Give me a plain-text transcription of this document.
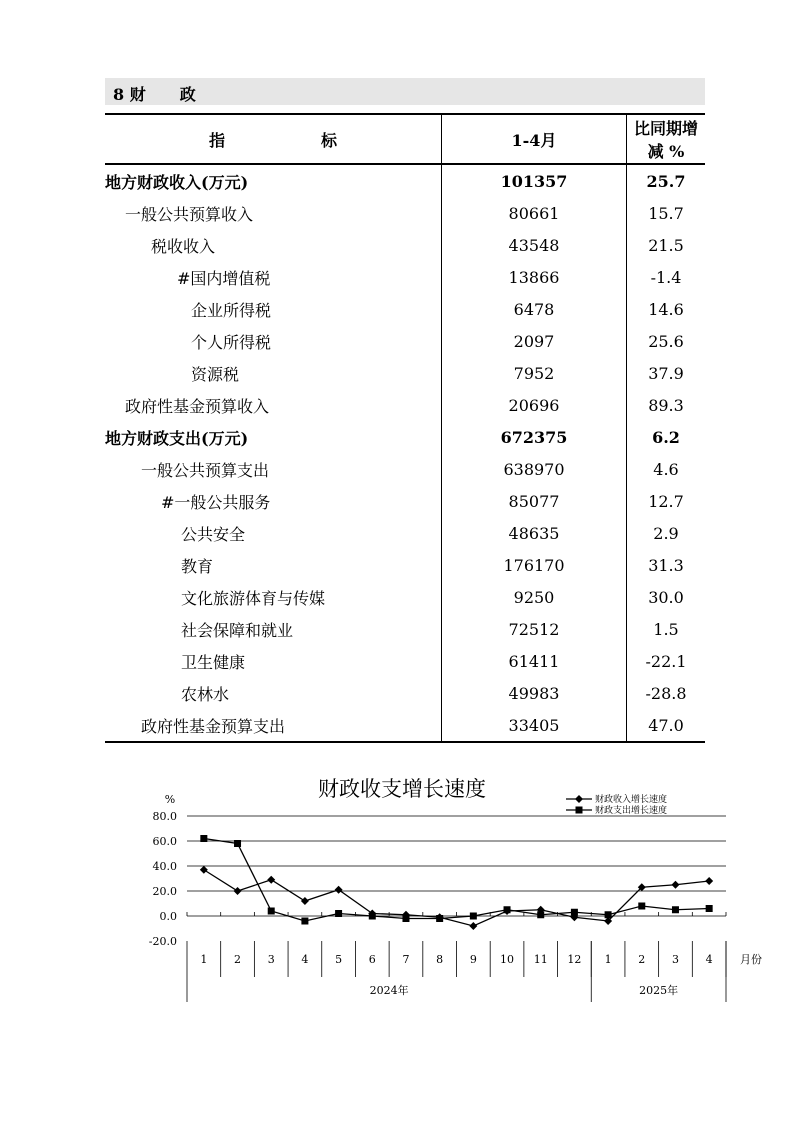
8 财 政
指　　　　　　标	1-4月	比同期增减 %
地方财政收入(万元)	101357	25.7
一般公共预算收入	80661	15.7
税收收入	43548	21.5
#国内增值税	13866	-1.4
企业所得税	6478	14.6
个人所得税	2097	25.6
资源税	7952	37.9
政府性基金预算收入	20696	89.3
地方财政支出(万元)	672375	6.2
一般公共预算支出	638970	4.6
#一般公共服务	85077	12.7
公共安全	48635	2.9
教育	176170	31.3
文化旅游体育与传媒	9250	30.0
社会保障和就业	72512	1.5
卫生健康	61411	-22.1
农林水	49983	-28.8
政府性基金预算支出	33405	47.0
财政收支增长速度
%	财政收入增长速度
财政支出增长速度
80.0
60.0
40.0
20.0
0.0
-20.0
2024年	2025年
1 2 3 4 5 6 7 8 9 10 11 12 1 2 3 4 月份
